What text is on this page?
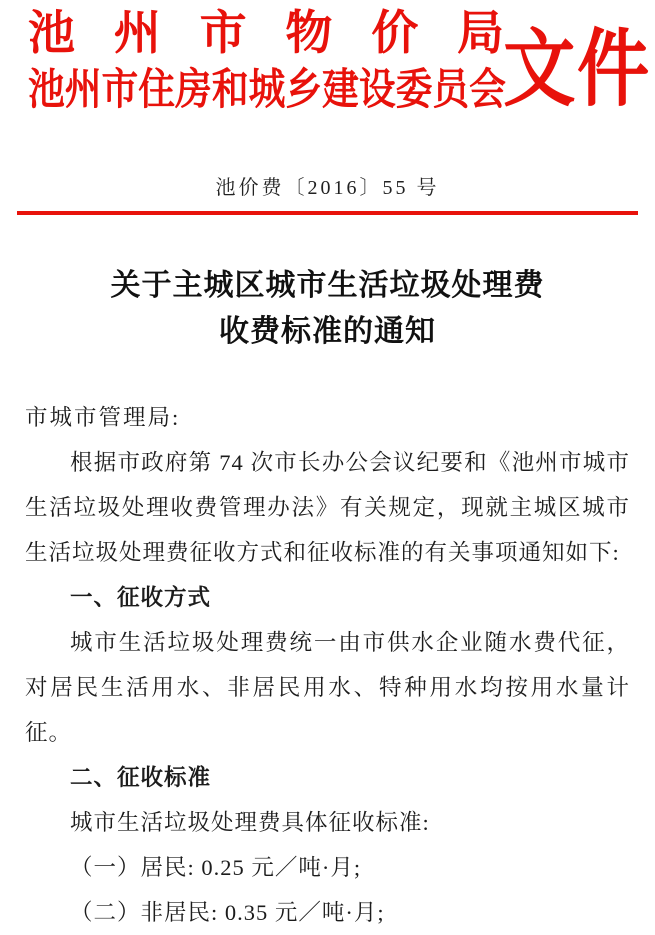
池 州 市 物 价 局
池州市住房和城乡建设委员会
文件
池价费〔2016〕55 号
关于主城区城市生活垃圾处理费
收费标准的通知
市城市管理局:
根据市政府第 74 次市长办公会议纪要和《池州市城市生活垃圾处理收费管理办法》有关规定，现就主城区城市生活垃圾处理费征收方式和征收标准的有关事项通知如下:
一、征收方式
城市生活垃圾处理费统一由市供水企业随水费代征，对居民生活用水、非居民用水、特种用水均按用水量计征。
二、征收标准
城市生活垃圾处理费具体征收标准:
（一）居民: 0.25 元／吨·月;
（二）非居民: 0.35 元／吨·月;
